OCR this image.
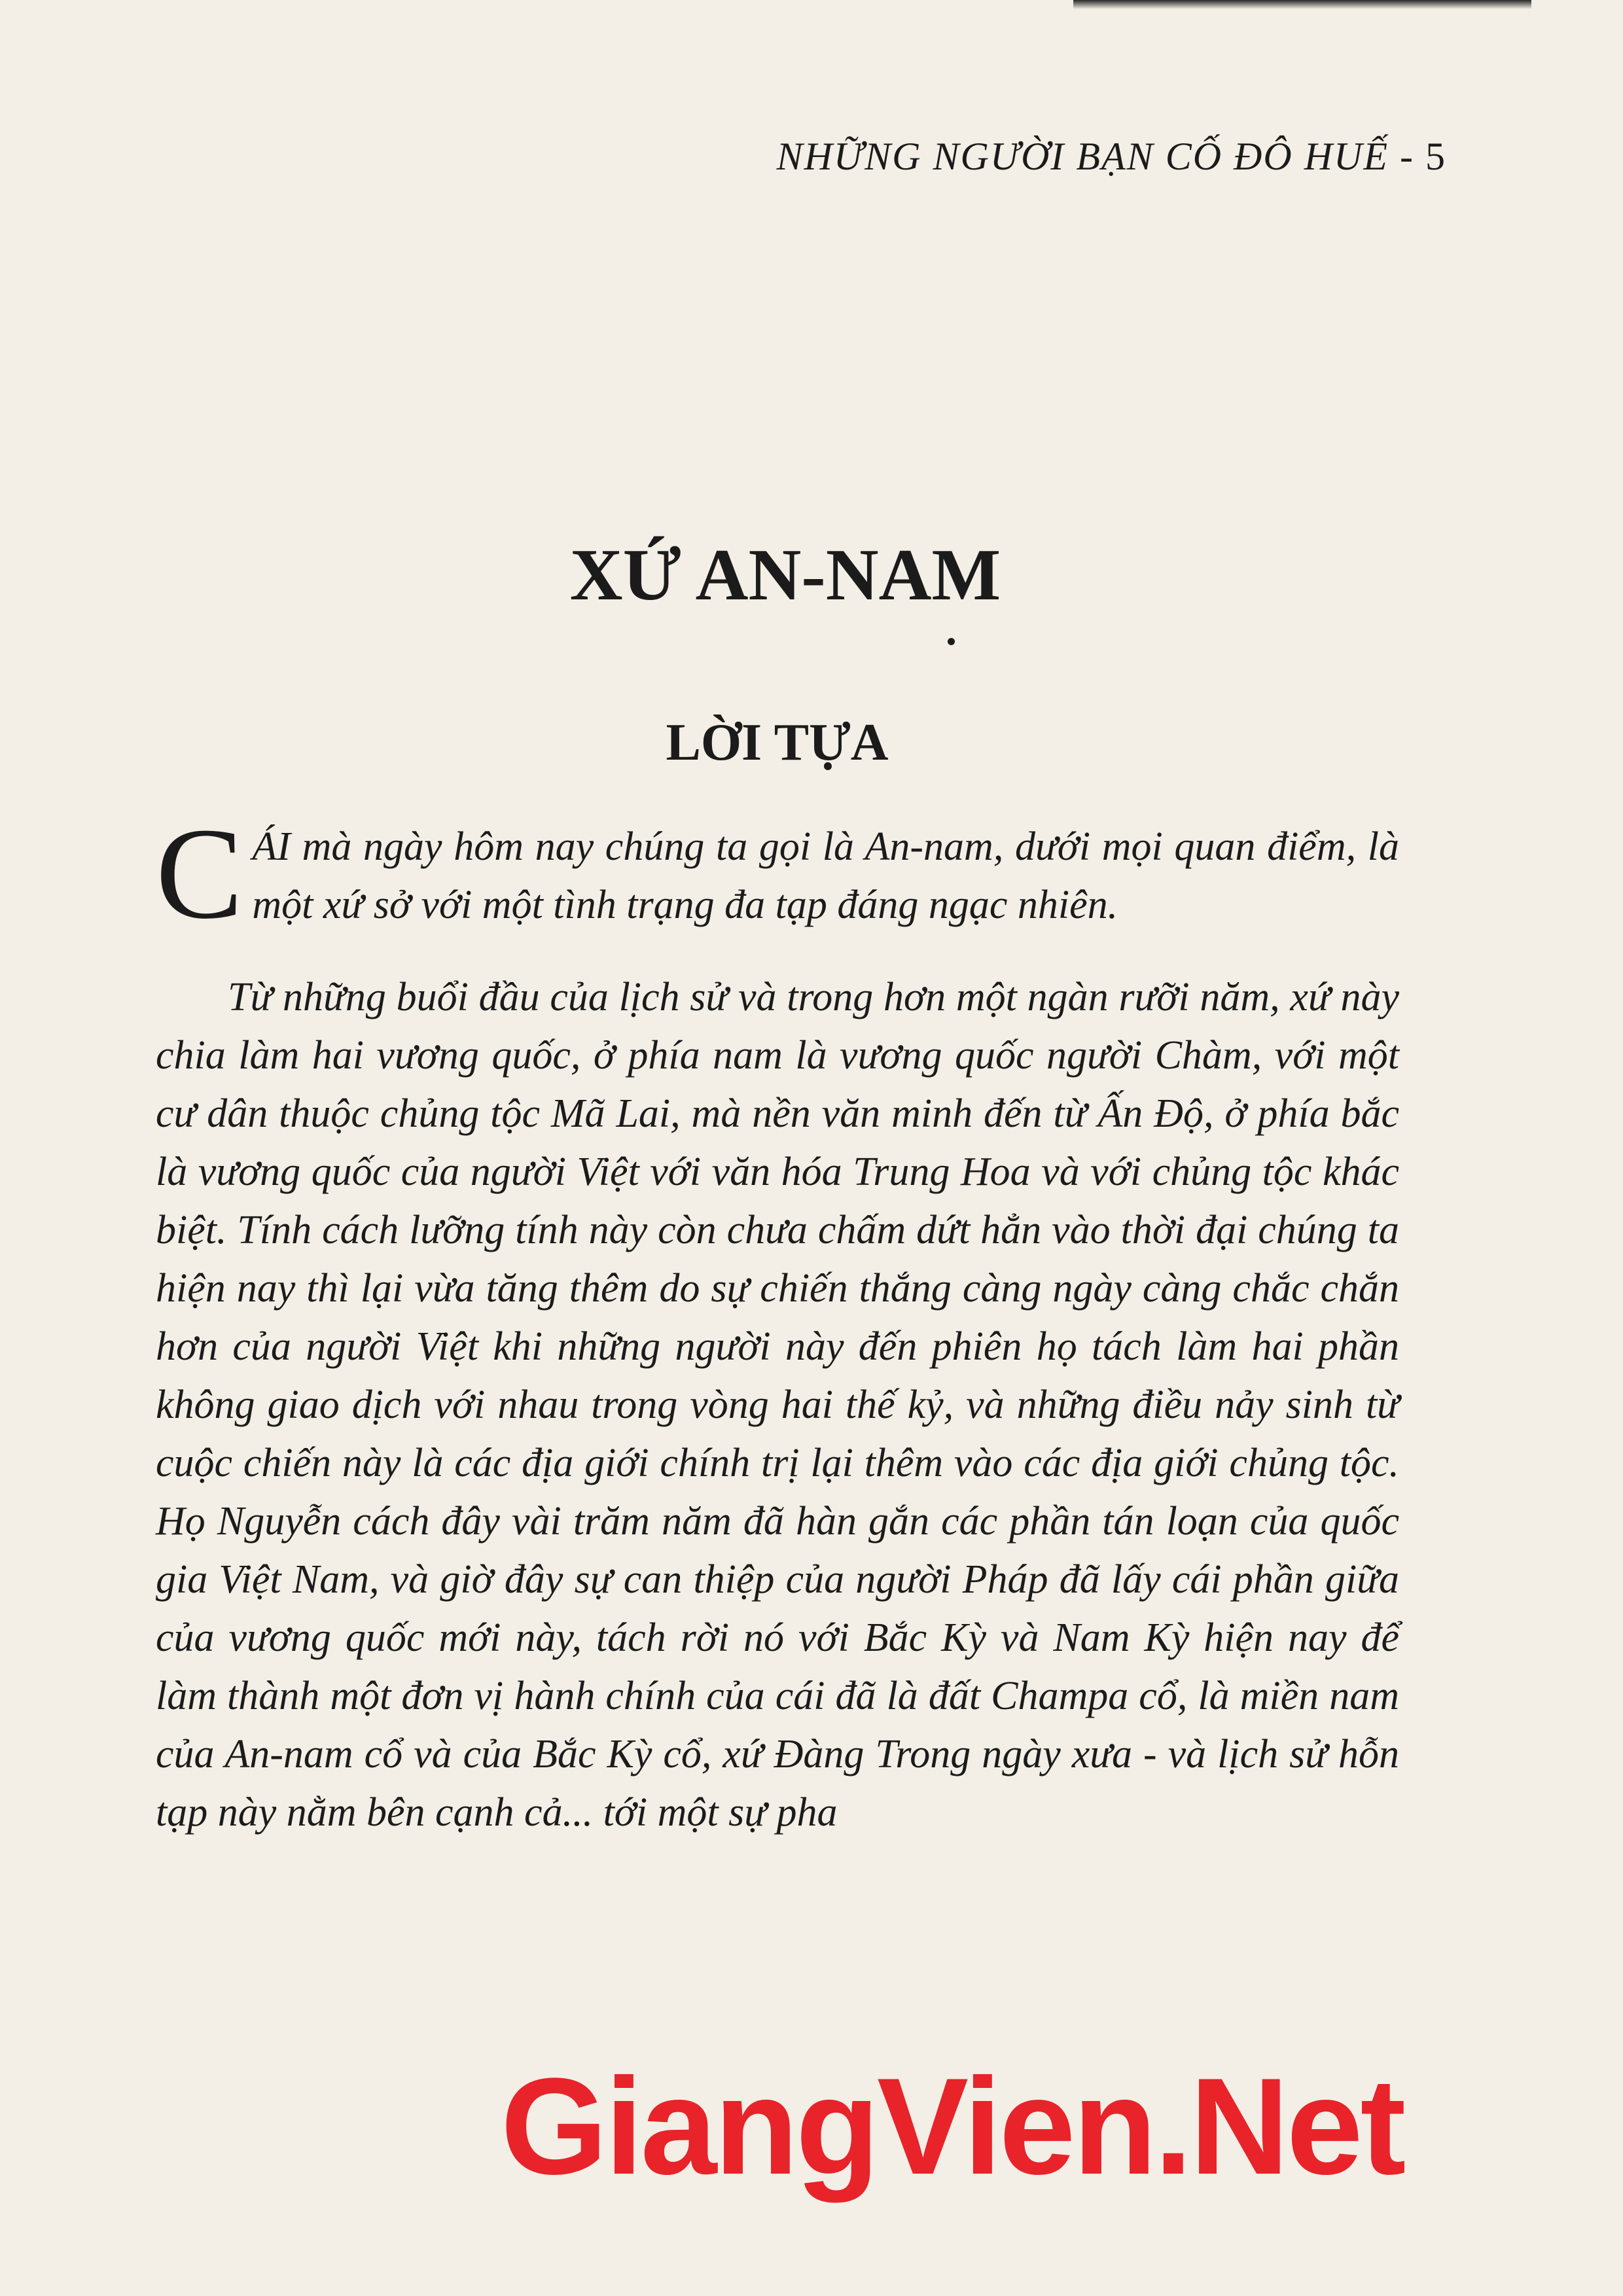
NHỮNG NGƯỜI BẠN CỐ ĐÔ HUẾ - 5
XỨ AN-NAM
LỜI TỰA

CÁI mà ngày hôm nay chúng ta gọi là An-nam, dưới mọi quan điểm, là một xứ sở với một tình trạng đa tạp đáng ngạc nhiên.

Từ những buổi đầu của lịch sử và trong hơn một ngàn rưỡi năm, xứ này chia làm hai vương quốc, ở phía nam là vương quốc người Chàm, với một cư dân thuộc chủng tộc Mã Lai, mà nền văn minh đến từ Ấn Độ, ở phía bắc là vương quốc của người Việt với văn hóa Trung Hoa và với chủng tộc khác biệt. Tính cách lưỡng tính này còn chưa chấm dứt hẳn vào thời đại chúng ta hiện nay thì lại vừa tăng thêm do sự chiến thắng càng ngày càng chắc chắn hơn của người Việt khi những người này đến phiên họ tách làm hai phần không giao dịch với nhau trong vòng hai thế kỷ, và những điều nảy sinh từ cuộc chiến này là các địa giới chính trị lại thêm vào các địa giới chủng tộc. Họ Nguyễn cách đây vài trăm năm đã hàn gắn các phần tán loạn của quốc gia Việt Nam, và giờ đây sự can thiệp của người Pháp đã lấy cái phần giữa của vương quốc mới này, tách rời nó với Bắc Kỳ và Nam Kỳ hiện nay để làm thành một đơn vị hành chính của cái đã là đất Champa cổ, là miền nam của An-nam cổ và của Bắc Kỳ cổ, xứ Đàng Trong ngày xưa - và lịch sử hỗn tạp này nằm bên cạnh cả... tới một sự pha

GiangVien.Net
